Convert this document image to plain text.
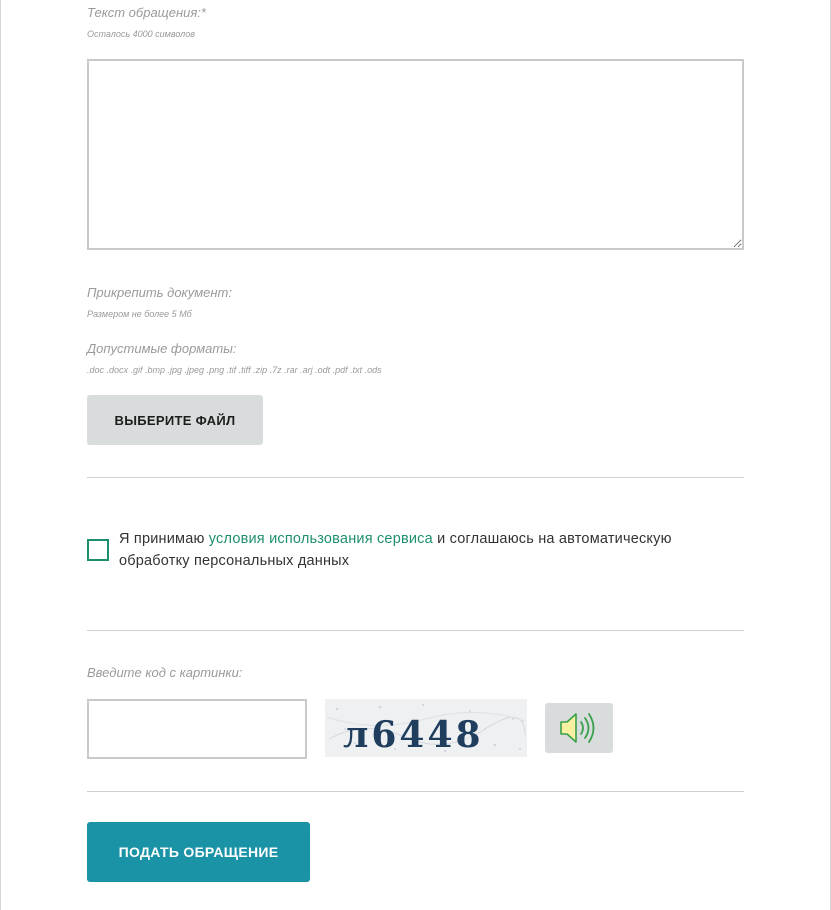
Текст обращения:*
Осталось 4000 символов
Прикрепить документ:
Размером не более 5 Мб
Допустимые форматы:
.doc .docx .gif .bmp .jpg .jpeg .png .tif .tiff .zip .7z .rar .arj .odt .pdf .txt .ods
ВЫБЕРИТЕ ФАЙЛ
Я принимаю условия использования сервиса и соглашаюсь на автоматическую обработку персональных данных
Введите код с картинки:
л6448
ПОДАТЬ ОБРАЩЕНИЕ
